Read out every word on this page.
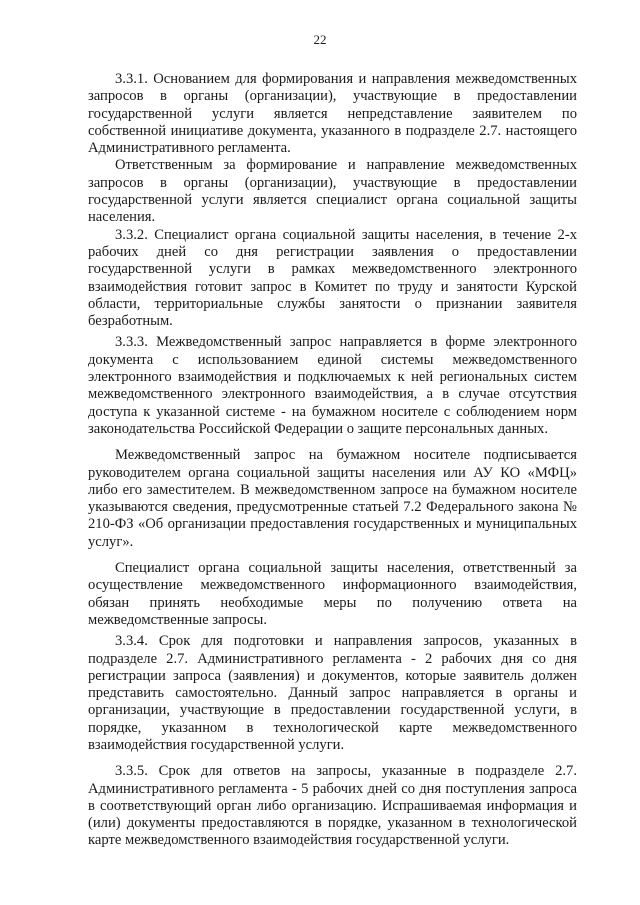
22

3.3.1. Основанием для формирования и направления межведомственных запросов в органы (организации), участвующие в предоставлении государственной услуги является непредставление заявителем по собственной инициативе документа, указанного в подразделе 2.7. настоящего Административного регламента.

Ответственным за формирование и направление межведомственных запросов в органы (организации), участвующие в предоставлении государственной услуги является специалист органа социальной защиты населения.

3.3.2. Специалист органа социальной защиты населения, в течение 2-х рабочих дней со дня регистрации заявления о предоставлении государственной услуги в рамках межведомственного электронного взаимодействия готовит запрос в Комитет по труду и занятости Курской области, территориальные службы занятости о признании заявителя безработным.

3.3.3. Межведомственный запрос направляется в форме электронного документа с использованием единой системы межведомственного электронного взаимодействия и подключаемых к ней региональных систем межведомственного электронного взаимодействия, а в случае отсутствия доступа к указанной системе - на бумажном носителе с соблюдением норм законодательства Российской Федерации о защите персональных данных.

Межведомственный запрос на бумажном носителе подписывается руководителем органа социальной защиты населения или АУ КО «МФЦ» либо его заместителем. В межведомственном запросе на бумажном носителе указываются сведения, предусмотренные статьей 7.2 Федерального закона № 210-ФЗ «Об организации предоставления государственных и муниципальных услуг».

Специалист органа социальной защиты населения, ответственный за осуществление межведомственного информационного взаимодействия, обязан принять необходимые меры по получению ответа на межведомственные запросы.

3.3.4. Срок для подготовки и направления запросов, указанных в подразделе 2.7. Административного регламента - 2 рабочих дня со дня регистрации запроса (заявления) и документов, которые заявитель должен представить самостоятельно. Данный запрос направляется в органы и организации, участвующие в предоставлении государственной услуги, в порядке, указанном в технологической карте межведомственного взаимодействия государственной услуги.

3.3.5. Срок для ответов на запросы, указанные в подразделе 2.7. Административного регламента - 5 рабочих дней со дня поступления запроса в соответствующий орган либо организацию. Испрашиваемая информация и (или) документы предоставляются в порядке, указанном в технологической карте межведомственного взаимодействия государственной услуги.
